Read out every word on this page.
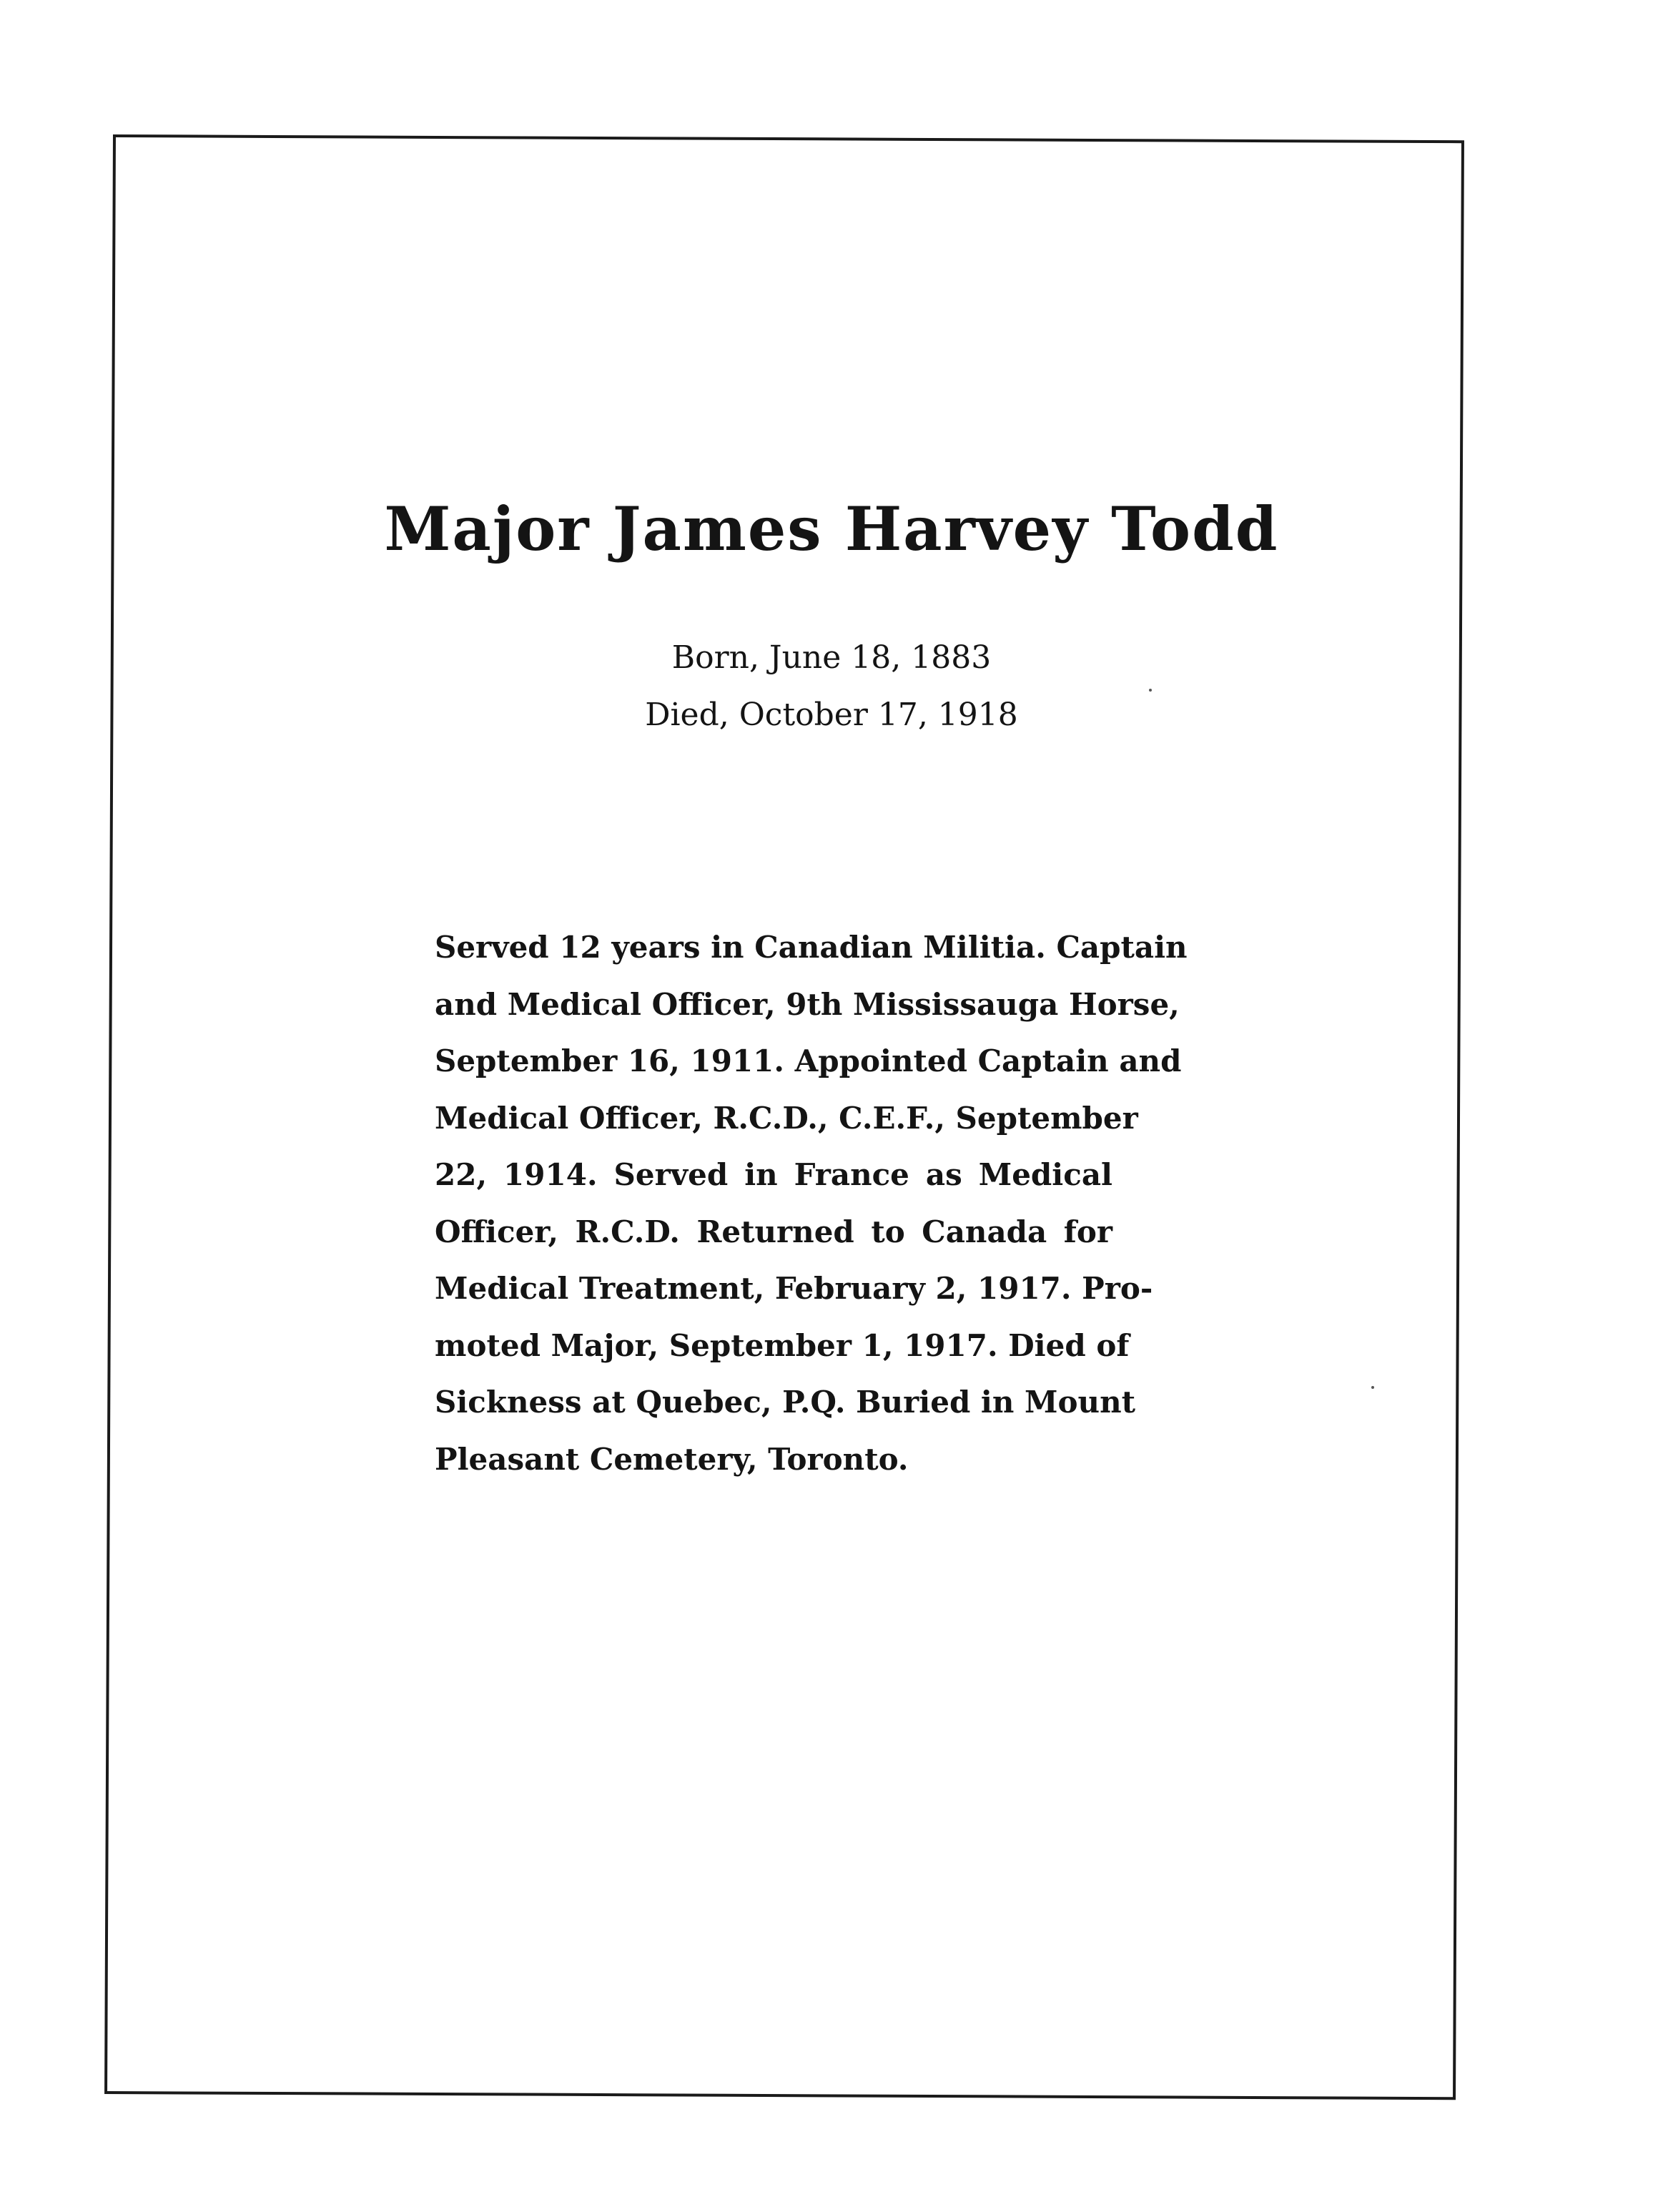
Major James Harvey Todd
Born, June 18, 1883
Died, October 17, 1918
Served 12 years in Canadian Militia. Captain
and Medical Officer, 9th Mississauga Horse,
September 16, 1911. Appointed Captain and
Medical Officer, R.C.D., C.E.F., September
22, 1914. Served in France as Medical
Officer, R.C.D. Returned to Canada for
Medical Treatment, February 2, 1917. Pro-
moted Major, September 1, 1917. Died of
Sickness at Quebec, P.Q. Buried in Mount
Pleasant Cemetery, Toronto.
